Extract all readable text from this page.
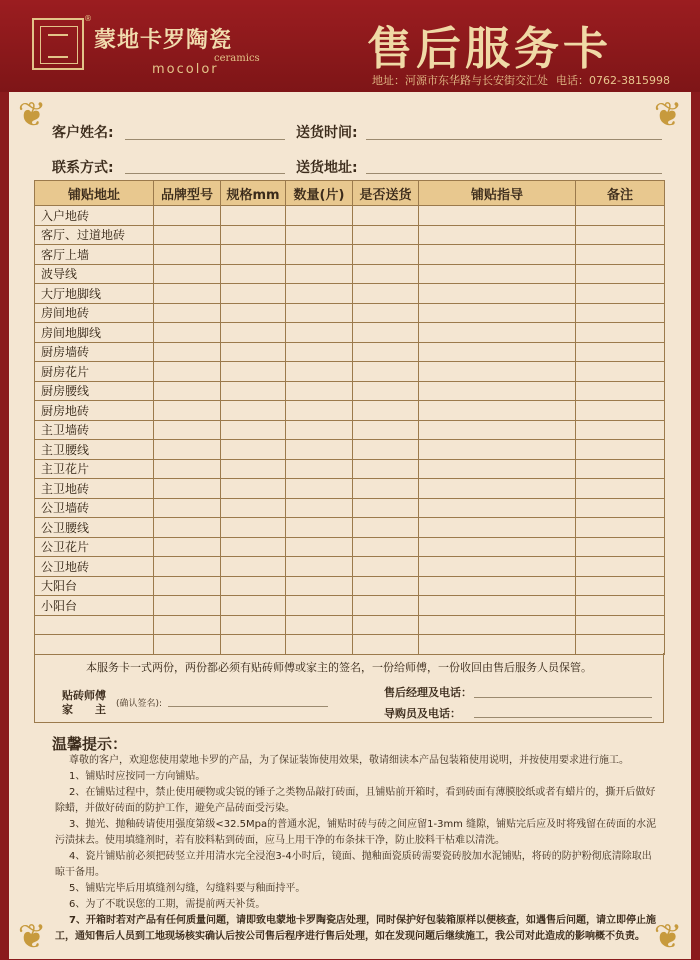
®
蒙地卡罗陶瓷
ceramics
mocolor	售后服务卡
地址：河源市东华路与长安街交汇处 电话：0762-3815998
❦	❦
❦	❦
客户姓名:	送货时间:
联系方式:	送货地址:
铺贴地址	品牌型号	规格mm	数量(片)	是否送货	铺贴指导	备注
入户地砖						
客厅、过道地砖						
客厅上墙						
波导线						
大厅地脚线						
房间地砖						
房间地脚线						
厨房墙砖						
厨房花片						
厨房腰线						
厨房地砖						
主卫墙砖						
主卫腰线						
主卫花片						
主卫地砖						
公卫墙砖						
公卫腰线						
公卫花片						
公卫地砖						
大阳台						
小阳台						

本服务卡一式两份，两份都必须有贴砖师傅或家主的签名，一份给师傅，一份收回由售后服务人员保管。
贴砖师傅
家　　主 (确认签名):
售后经理及电话：
导购员及电话：
温馨提示：
尊敬的客户，欢迎您使用蒙地卡罗的产品，为了保证装饰使用效果，敬请细读本产品包装箱使用说明，并按使用要求进行施工。
1、铺贴时应按同一方向铺贴。
2、在铺贴过程中，禁止使用硬物或尖锐的锤子之类物品敲打砖面，且铺贴前开箱时，看到砖面有薄膜胶纸或者有蜡片的，撕开后做好除蜡，并做好砖面的防护工作，避免产品砖面受污染。
3、抛光、抛釉砖请使用强度第级<32.5Mpa的普通水泥，铺贴时砖与砖之间应留1-3mm 缝隙，铺贴完后应及时将残留在砖面的水泥污渍抹去。使用填缝剂时，若有胶料粘到砖面，应马上用干净的布条抹干净，防止胶料干枯难以清洗。
4、瓷片铺贴前必须把砖竖立并用清水完全浸泡3-4小时后，镜面、抛釉面瓷质砖需要瓷砖胶加水泥铺贴，将砖的防护粉彻底清除取出晾干备用。
5、铺贴完毕后用填缝剂勾缝，勾缝料要与釉面持平。
6、为了不耽误您的工期，需提前两天补货。
7、开箱时若对产品有任何质量问题，请即致电蒙地卡罗陶瓷店处理，同时保护好包装箱原样以便核查，如遇售后问题，请立即停止施工，通知售后人员到工地现场核实确认后按公司售后程序进行售后处理，如在发现问题后继续施工，我公司对此造成的影响概不负责。
